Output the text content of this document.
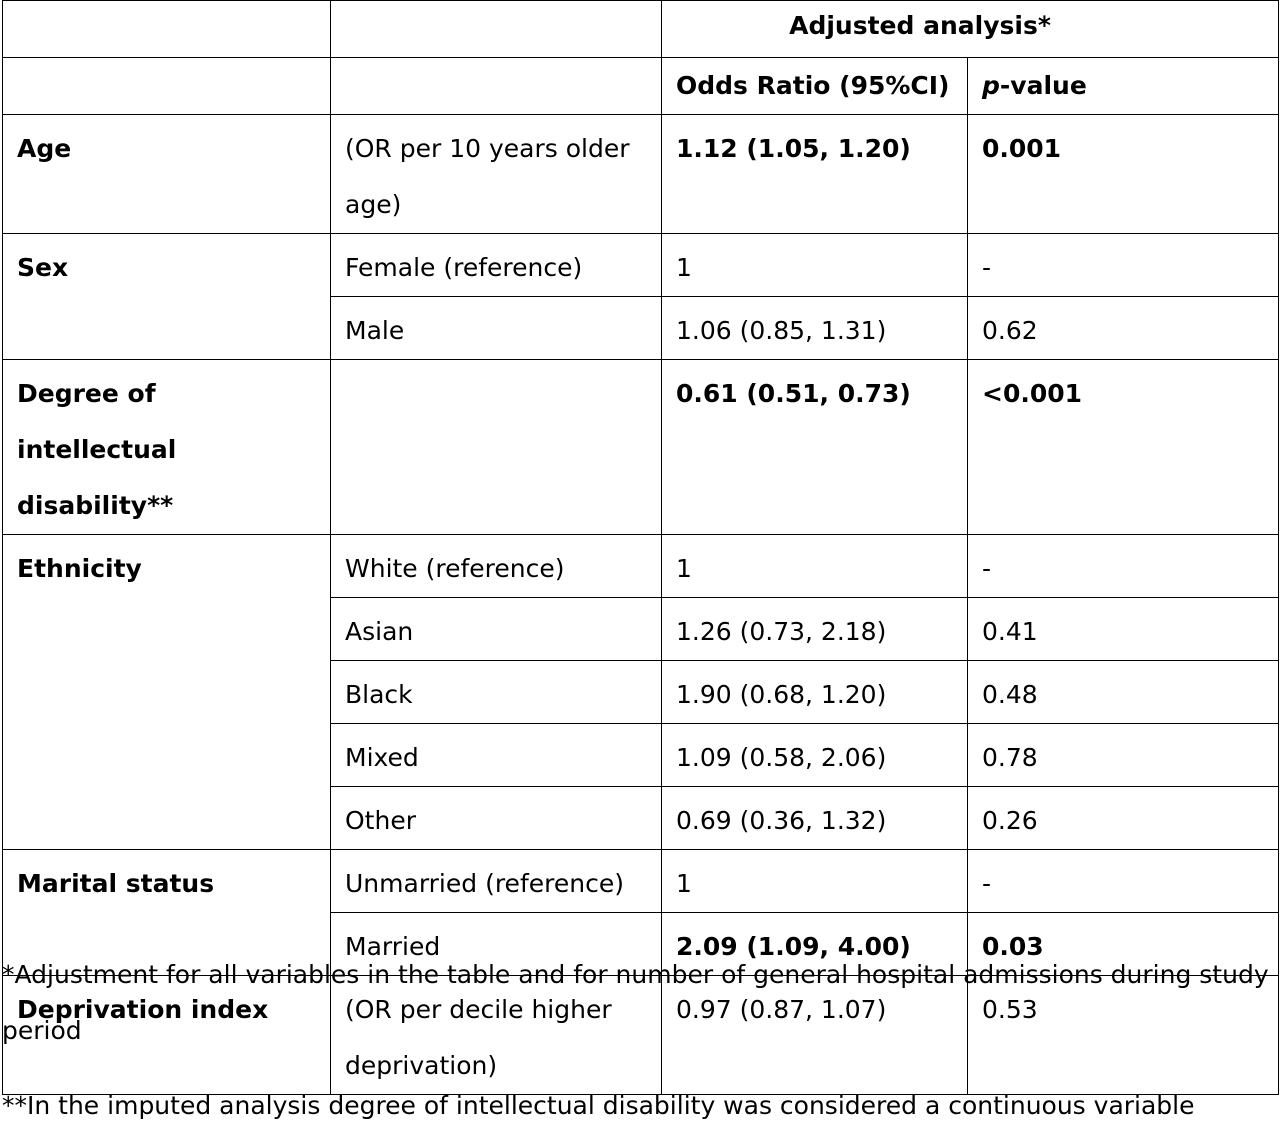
		Adjusted analysis*	
		Odds Ratio (95%CI)	p-value
Age	(OR per 10 years older age)	1.12 (1.05, 1.20)	0.001
Sex	Female (reference)	1	-
	Male	1.06 (0.85, 1.31)	0.62
Degree of intellectual disability**		0.61 (0.51, 0.73)	<0.001
Ethnicity	White (reference)	1	-
	Asian	1.26 (0.73, 2.18)	0.41
	Black	1.90 (0.68, 1.20)	0.48
	Mixed	1.09 (0.58, 2.06)	0.78
	Other	0.69 (0.36, 1.32)	0.26
Marital status	Unmarried (reference)	1	-
	Married	2.09 (1.09, 4.00)	0.03
Deprivation index	(OR per decile higher deprivation)	0.97 (0.87, 1.07)	0.53
*Adjustment for all variables in the table and for number of general hospital admissions during study period
**In the imputed analysis degree of intellectual disability was considered a continuous variable
